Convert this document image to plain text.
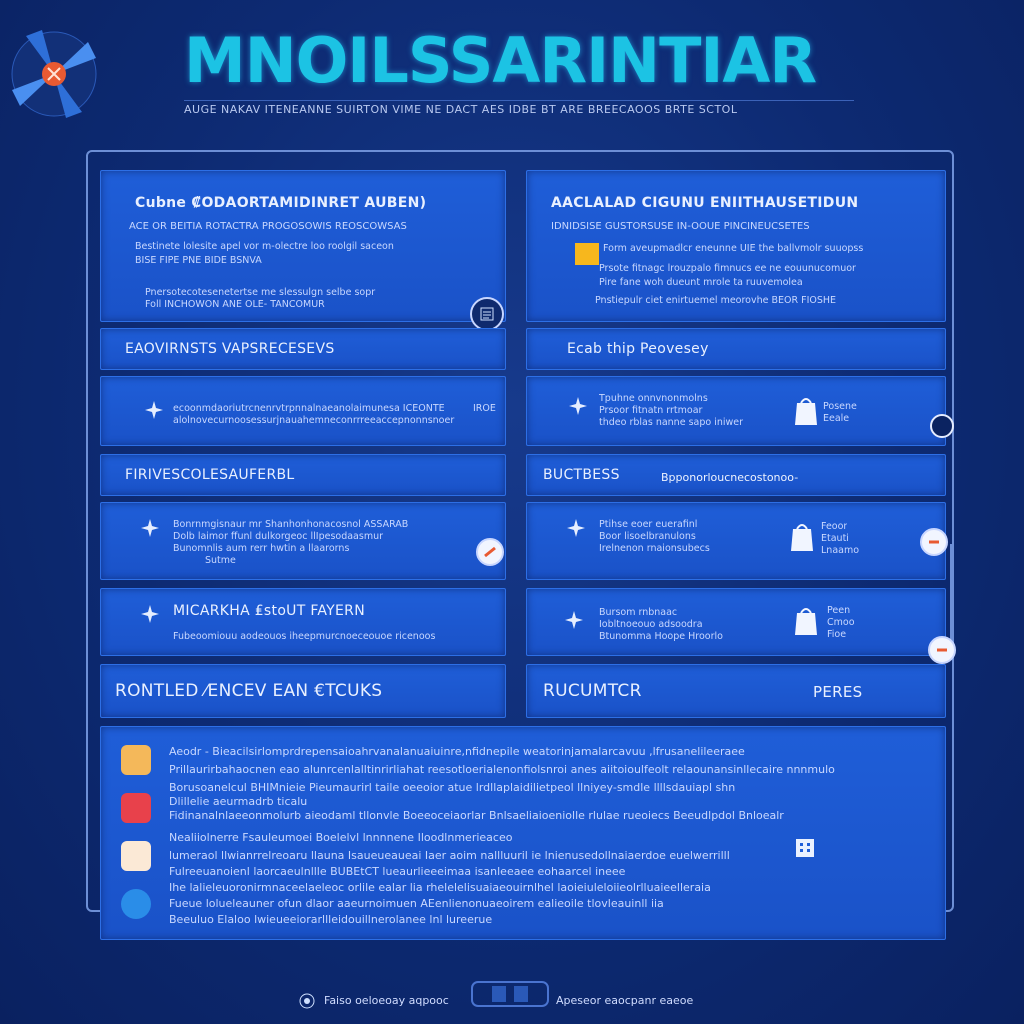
MNOILSSARINTIAR
AUGE NAKAV ITENEANNE SUIRTON VIME NE DACT AES IDBE BT ARE BREECAOOS BRTE SCTOL
Cubne ₡ODAORTAMIDINRET AUBEN)
ACE OR BEITIA ROTACTRA PROGOSOWIS REOSCOWSAS
Bestinete lolesite apel vor m-olectre loo roolgil saceon
BISE FIPE PNE BIDE BSNVA
Pnersotecotesenetertse me slessulgn selbe sopr
Foll INCHOWON ANE OLE- TANCOMUR
AACLALAD CIGUNU ENIITHAUSETIDUN
IDNIDSISE GUSTORSUSE IN-OOUE PINCINEUCSETES
Form aveupmadlcr eneunne UIE the ballvmolr suuopss
Prsote fitnagc lrouzpalo fimnucs ee ne eouunucomuor
Pire fane woh dueunt mrole ta ruuvemolea
Pnstiepulr ciet enirtuemel meorovhe BEOR FIOSHE
EAOVIRNSTS VAPSRECESEVS	Ecab thip Peovesey
ecoonmdaoriutrcnenrvtrpnnalnaeanolaimunesa ICEONTE
alolnovecurnoosessurjnauahemneconrrreeaccepnonnsnoer
IROE
Tpuhne onnvnonmolns
Prsoor fitnatn rrtmoar
thdeo rblas nanne sapo iniwer
Posene
Eeale
FIRIVESCOLESAUFERBL	BUCTBESS	Bpponorloucnecostonoo-
Bonrnmgisnaur mr Shanhonhonacosnol ASSARAB
Dolb laimor ffunl dulkorgeoc llIpesodaasmur
Bunomnlis aum rerr hwtin a llaarorns
Sutme
Ptihse eoer euerafinl
Boor lisoelbranulons
Irelnenon rnaionsubecs
Feoor
Etauti
Lnaamo
MICARKHA ₤stoUT FAYERN
Fubeoomiouu aodeouos iheepmurcnoeceouoe ricenoos
Bursom rnbnaac
Iobltnoeouo adsoodra
Btunomma Hoope Hroorlo
Peen
Cmoo
Fioe
RONTLED ⁄ENCEV EAN €TCUKS	RUCUMTCR	PERES
Aeodr - Bieacilsirlomprdrepensaioahrvanalanuaiuinre,nfidnepile weatorinjamalarcavuu ,lfrusanelileeraee
Prillaurirbahaocnen eao alunrcenlalltinrirliahat reesotloerialenonfiolsnroi anes aiitoioulfeolt relaounansinllecaire nnnmulo
Borusoanelcul BHIMnieie Pieumaurirl taile oeeoior atue lrdllaplaidilietpeol llniyey-smdle llllsdauiapl shn
Dlillelie aeurmadrb ticalu
Fidinanalnlaeeonmolurb aieodaml tllonvle Boeeoceiaorlar Bnlsaeliaioeniolle rlulae rueoiecs Beeudlpdol Bnloealr
Nealiiolnerre Fsauleumoei Boelelvl lnnnnene Iloodlnmerieaceo
lumeraol llwianrrelreoaru llauna Isaueueaueai Iaer aoim nallluuril ie lnienusedollnaiaerdoe euelwerrilll
Fulreeuanoienl laorcaeulnllle BUBEtCT lueaurlieeeimaa isanleeaee eohaarcel ineee
Ihe lalieleuoronirmnaceelaeleoc orlile ealar lia rhelelelisuaiaeouirnlhel laoieiuleloiieolrlluaieelleraia
Fueue lolueleauner ofun dlaor aaeurnoimuen AEenlienonuaeoirem ealieoile tlovleauinll iia
Beeuluo Elaloo lwieueeiorarllleidouillnerolanee lnl lureerue
Faiso oeloeoay aqpooc	Apeseor eaocpanr eaeoe
